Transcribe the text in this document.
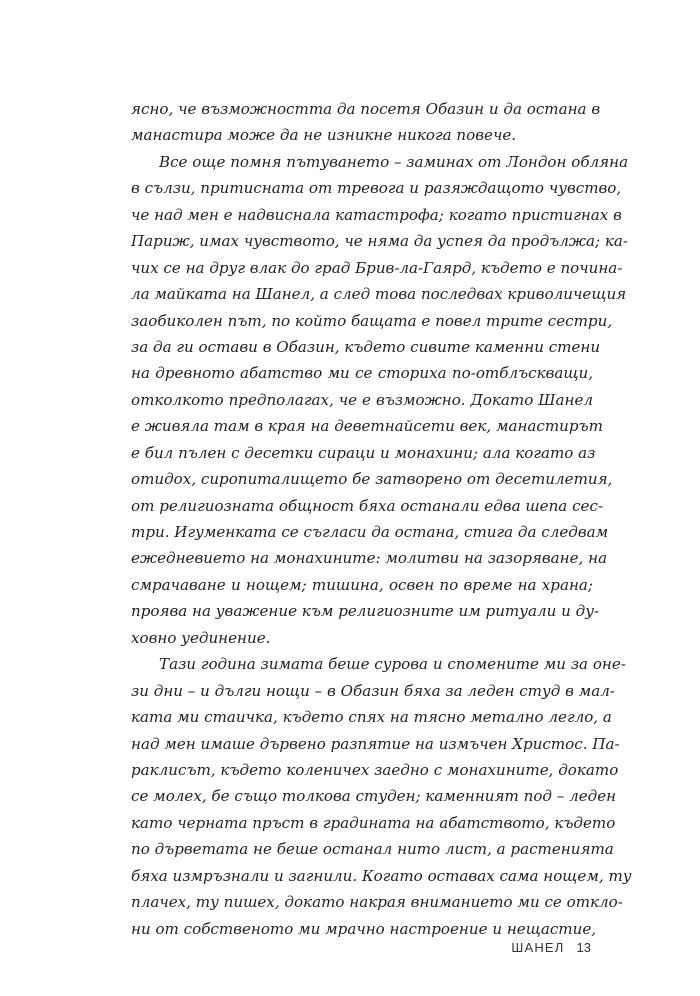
ясно, че възможността да посетя Обазин и да остана в
манастира може да не изникне никога повече.
Все още помня пътуването – заминах от Лондон обляна
в сълзи, притисната от тревога и разяждащото чувство,
че над мен е надвиснала катастрофа; когато пристигнах в
Париж, имах чувството, че няма да успея да продължа; ка-
чих се на друг влак до град Брив-ла-Гаярд, където е почина-
ла майката на Шанел, а след това последвах криволичещия
заобиколен път, по който бащата е повел трите сестри,
за да ги остави в Обазин, където сивите каменни стени
на древното абатство ми се сториха по-отблъскващи,
отколкото предполагах, че е възможно. Докато Шанел
е живяла там в края на деветнайсети век, манастирът
е бил пълен с десетки сираци и монахини; ала когато аз
отидох, сиропиталището бе затворено от десетилетия,
от религиозната общност бяха останали едва шепа сес-
три. Игуменката се съгласи да остана, стига да следвам
ежедневието на монахините: молитви на зазоряване, на
смрачаване и нощем; тишина, освен по време на храна;
проява на уважение към религиозните им ритуали и ду-
ховно уединение.
Тази година зимата беше сурова и спомените ми за оне-
зи дни – и дълги нощи – в Обазин бяха за леден студ в мал-
ката ми стаичка, където спях на тясно метално легло, а
над мен имаше дървено разпятие на измъчен Христос. Па-
раклисът, където коленичех заедно с монахините, докато
се молех, бе също толкова студен; каменният под – леден
като черната пръст в градината на абатството, където
по дърветата не беше останал нито лист, а растенията
бяха измръзнали и загнили. Когато оставах сама нощем, ту
плачех, ту пишех, докато накрая вниманието ми се откло-
ни от собственото ми мрачно настроение и нещастие,
ШАНЕЛ 13
